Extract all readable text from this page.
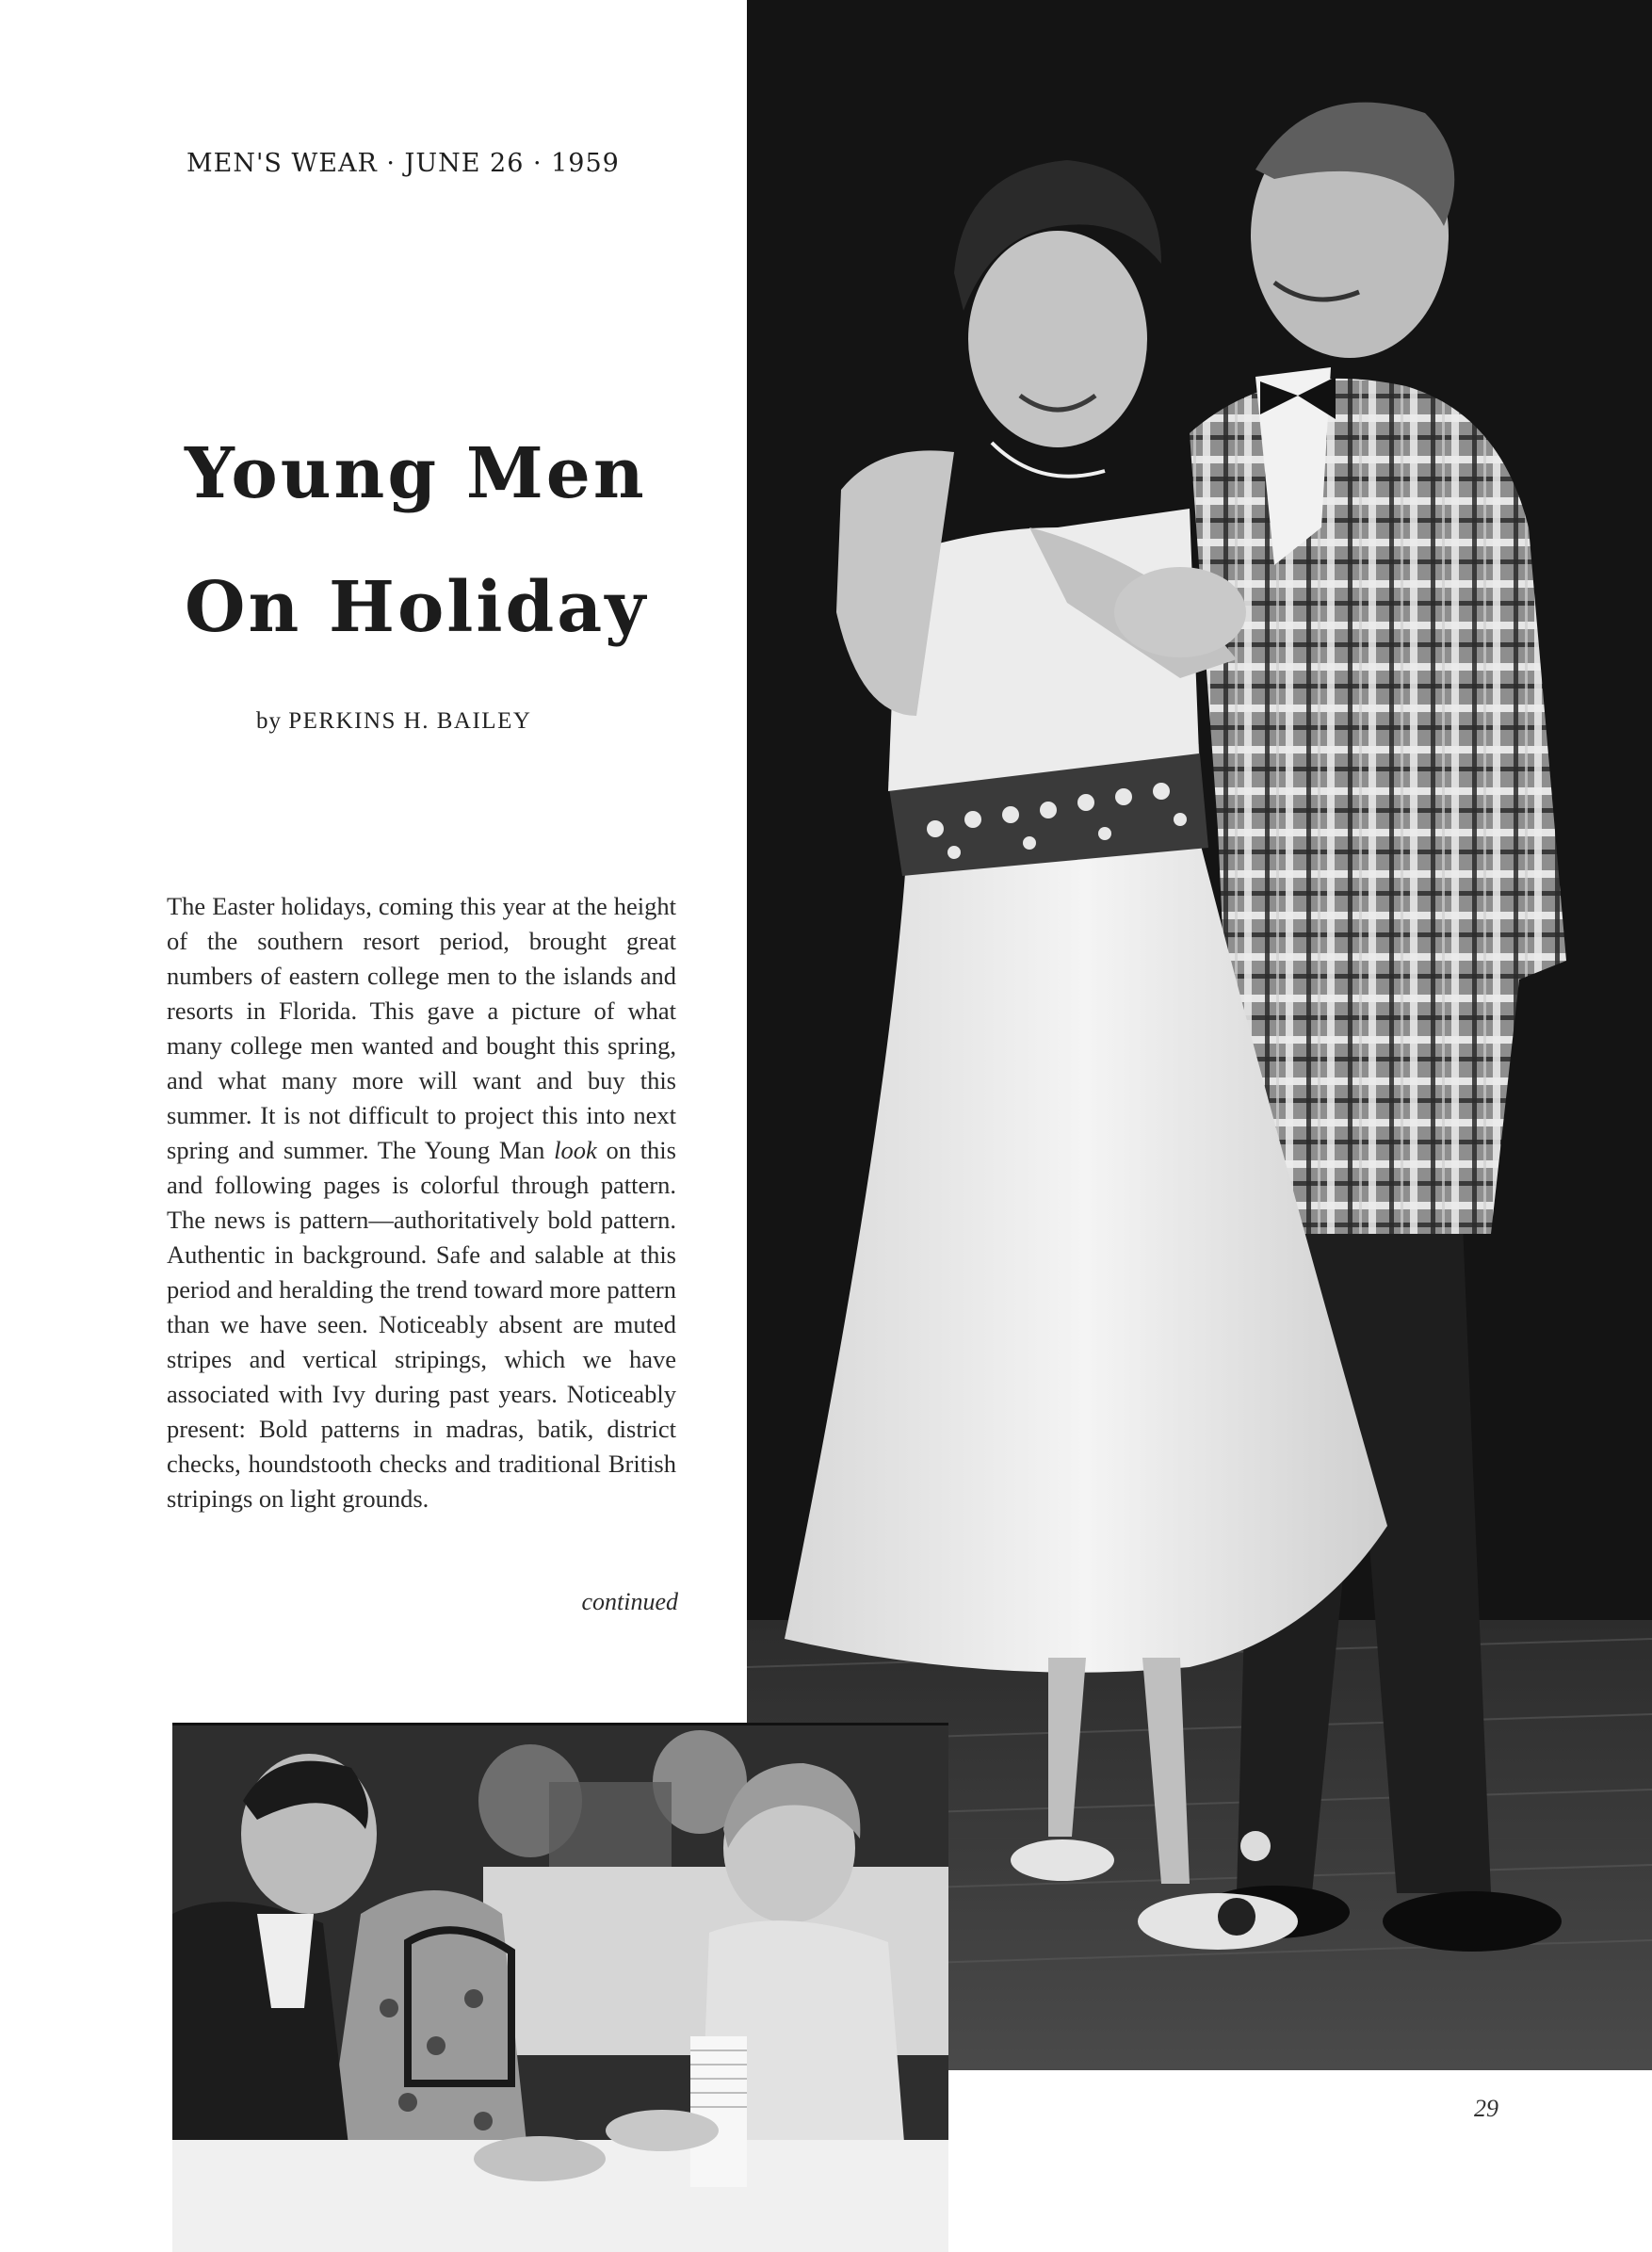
MEN'S WEAR · JUNE 26 · 1959
Young Men
On Holiday
by PERKINS H. BAILEY
The Easter holidays, coming this year at the height of the southern resort period, brought great numbers of eastern college men to the islands and resorts in Florida. This gave a picture of what many college men wanted and bought this spring, and what many more will want and buy this summer. It is not difficult to project this into next spring and summer. The Young Man look on this and following pages is colorful through pattern. The news is pattern—authoritatively bold pattern. Authentic in background. Safe and salable at this period and heralding the trend toward more pattern than we have seen. Noticeably absent are muted stripes and vertical stripings, which we have associated with Ivy during past years. Noticeably present: Bold patterns in madras, batik, district checks, houndstooth checks and traditional British stripings on light grounds.
continued
29
